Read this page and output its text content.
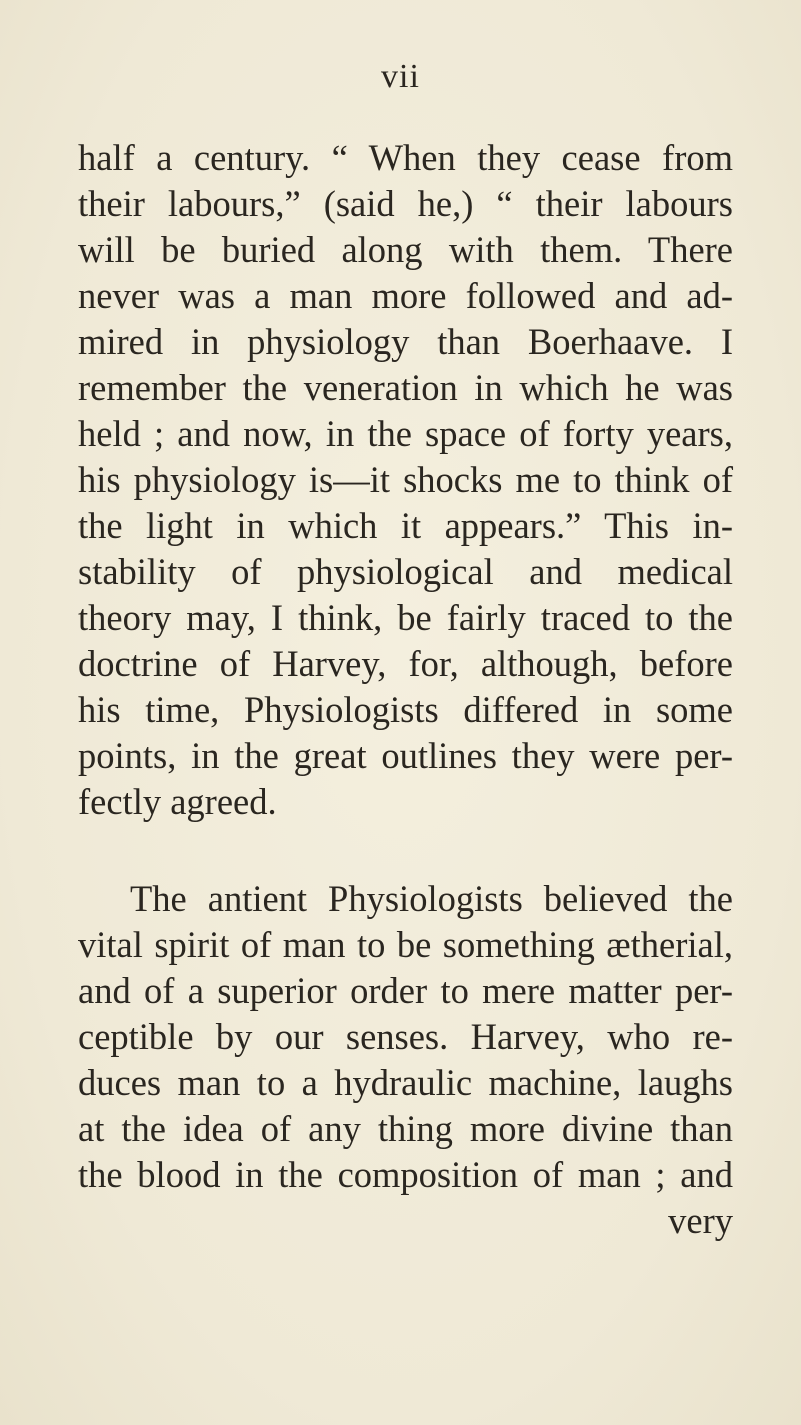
vii
half a century. “ When they cease from
their labours,” (said he,) “ their labours
will be buried along with them. There
never was a man more followed and ad-
mired in physiology than Boerhaave. I
remember the veneration in which he was
held ; and now, in the space of forty years,
his physiology is—it shocks me to think of
the light in which it appears.” This in-
stability of physiological and medical
theory may, I think, be fairly traced to the
doctrine of Harvey, for, although, before
his time, Physiologists differed in some
points, in the great outlines they were per-
fectly agreed.
The antient Physiologists believed the
vital spirit of man to be something ætherial,
and of a superior order to mere matter per-
ceptible by our senses. Harvey, who re-
duces man to a hydraulic machine, laughs
at the idea of any thing more divine than
the blood in the composition of man ; and
very
